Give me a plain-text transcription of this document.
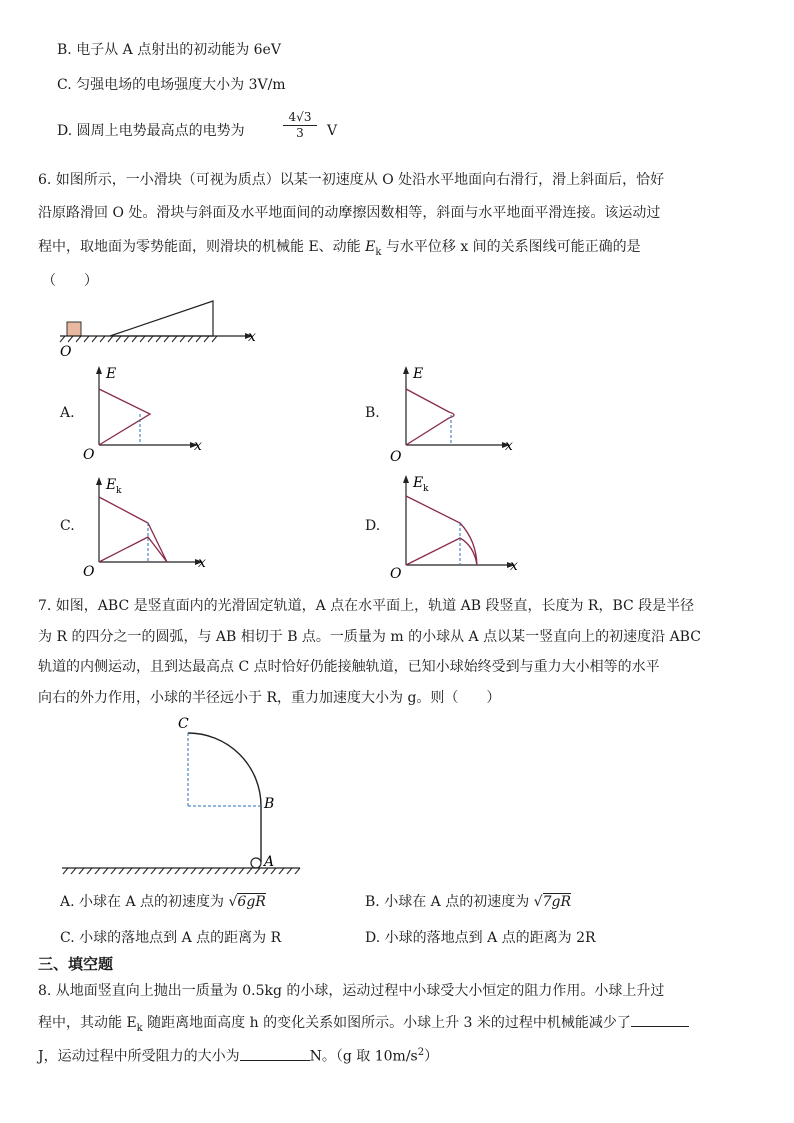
B. 电子从 A 点射出的初动能为 6eV
C. 匀强电场的电场强度大小为 3V/m
D. 圆周上电势最高点的电势为	$\frac{4√3}{3}$ V
6. 如图所示，一小滑块（可视为质点）以某一初速度从 O 处沿水平地面向右滑行，滑上斜面后，恰好
沿原路滑回 O 处。滑块与斜面及水平地面间的动摩擦因数相等，斜面与水平地面平滑连接。该运动过
程中，取地面为零势能面，则滑块的机械能 E、动能 $E_k$ 与水平位移 x 间的关系图线可能正确的是
（　　）
O
x
A.
E
O
x
B.
E
O
x
C.
E k
O
x
D.
E k
O	x
7. 如图，ABC 是竖直面内的光滑固定轨道，A 点在水平面上，轨道 AB 段竖直，长度为 R，BC 段是半径
为 R 的四分之一的圆弧，与 AB 相切于 B 点。一质量为 m 的小球从 A 点以某一竖直向上的初速度沿 ABC
轨道的内侧运动，且到达最高点 C 点时恰好仍能接触轨道，已知小球始终受到与重力大小相等的水平
向右的外力作用，小球的半径远小于 R，重力加速度大小为 g。则（　　）
C
B
A
A. 小球在 A 点的初速度为 √6gR	B. 小球在 A 点的初速度为 √7gR
C. 小球的落地点到 A 点的距离为 R	D. 小球的落地点到 A 点的距离为 2R
三、填空题
8. 从地面竖直向上抛出一质量为 0.5kg 的小球，运动过程中小球受大小恒定的阻力作用。小球上升过
程中，其动能 $E_k$ 随距离地面高度 h 的变化关系如图所示。小球上升 3 米的过程中机械能减少了
J，运动过程中所受阻力的大小为	N。（g 取 $10m/s^2$）
